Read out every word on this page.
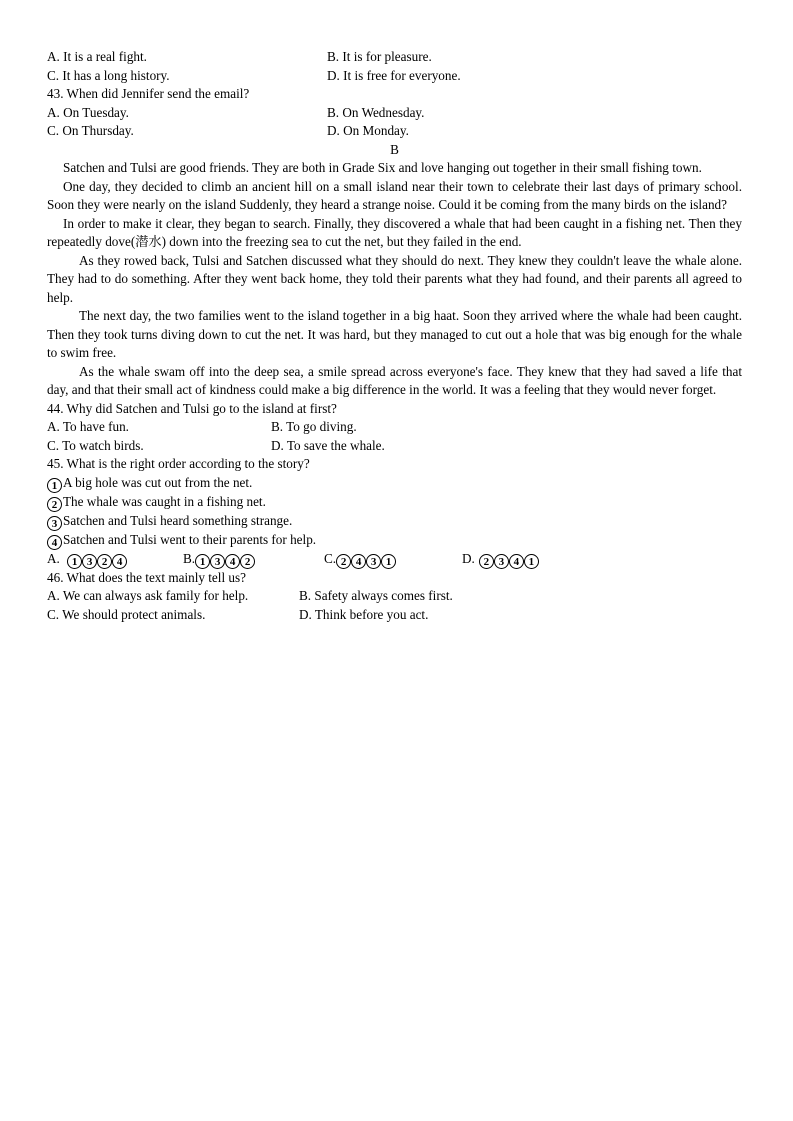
A. It is a real fight.	B. It is for pleasure.
C. It has a long history.	D. It is free for everyone.
43. When did Jennifer send the email?
A. On Tuesday.	B. On Wednesday.
C. On Thursday.	D. On Monday.
B

Satchen and Tulsi are good friends. They are both in Grade Six and love hanging out together in their small fishing town.

One day, they decided to climb an ancient hill on a small island near their town to celebrate their last days of primary school. Soon they were nearly on the island Suddenly, they heard a strange noise. Could it be coming from the many birds on the island?

In order to make it clear, they began to search. Finally, they discovered a whale that had been caught in a fishing net. Then they repeatedly dove(潜水) down into the freezing sea to cut the net, but they failed in the end.

As they rowed back, Tulsi and Satchen discussed what they should do next. They knew they couldn't leave the whale alone. They had to do something. After they went back home, they told their parents what they had found, and their parents all agreed to help.

The next day, the two families went to the island together in a big haat. Soon they arrived where the whale had been caught. Then they took turns diving down to cut the net. It was hard, but they managed to cut out a hole that was big enough for the whale to swim free.

As the whale swam off into the deep sea, a smile spread across everyone's face. They knew that they had saved a life that day, and that their small act of kindness could make a big difference in the world. It was a feeling that they would never forget.

44. Why did Satchen and Tulsi go to the island at first?
A. To have fun.	B. To go diving.
C. To watch birds.	D. To save the whale.
45. What is the right order according to the story?
1 A big hole was cut out from the net.
2 The whale was caught in a fishing net.
3 Satchen and Tulsi heard something strange.
4 Satchen and Tulsi went to their parents for help.
A. 1 3 2 4	B. 1 3 4 2	C. 2 4 3 1	D. 2 3 4 1
46. What does the text mainly tell us?
A. We can always ask family for help.	B. Safety always comes first.
C. We should protect animals.	D. Think before you act.
